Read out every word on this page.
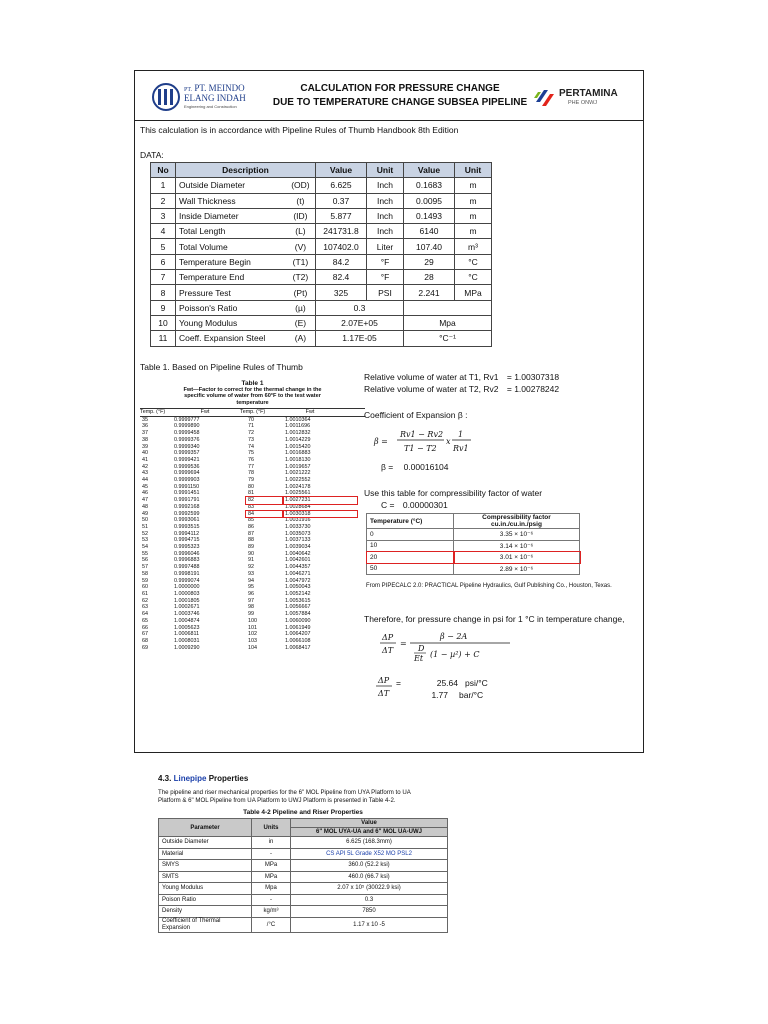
PT. PT. MEINDO
ELANG INDAH
Engineering and Construction
CALCULATION FOR PRESSURE CHANGE
DUE TO TEMPERATURE CHANGE SUBSEA PIPELINE
PERTAMINA
PHE ONWJ
This calculation is in accordance with Pipeline Rules of Thumb Handbook 8th Edition
DATA:
No	Description		Value	Unit	Value	Unit
1	Outside Diameter	(OD)	6.625	Inch	0.1683	m
2	Wall Thickness	(t)	0.37	Inch	0.0095	m
3	Inside Diameter	(ID)	5.877	Inch	0.1493	m
4	Total Length	(L)	241731.8	Inch	6140	m
5	Total Volume	(V)	107402.0	Liter	107.40	m³
6	Temperature Begin	(T1)	84.2	°F	29	°C
7	Temperature End	(T2)	82.4	°F	28	°C
8	Pressure Test	(Pt)	325	PSI	2.241	MPa
9	Poisson's Ratio	(µ)	0.3			
10	Young Modulus	(E)	2.07E+05		Mpa	
11	Coeff. Expansion Steel	(A)	1.17E-05		°C⁻¹	
Table 1. Based on Pipeline Rules of Thumb
Table 1
Fwt—Factor to correct for the thermal change in the
specific volume of water from 60°F to the test water
temperature
Temp. (°F)	Fwt	Temp. (°F)	Fwt
35	0.9999777	70	1.0010364
36	0.9999890	71	1.0011696
37	0.9999458	72	1.0012832
38	0.9999376	73	1.0014229
39	0.9999340	74	1.0015420
40	0.9999357	75	1.0016883
41	0.9999421	76	1.0018130
42	0.9999536	77	1.0019657
43	0.9999694	78	1.0021222
44	0.9999903	79	1.0022552
45	0.9991150	80	1.0024178
46	0.9991451	81	1.0025561
47	0.9991791	82	1.0027231
48	0.9992168	83	1.0028684
49	0.9992599	84	1.0030318
50	0.9993061	85	1.0031916
51	0.9993515	86	1.0033730
52	0.9994112	87	1.0035073
53	0.9994715	88	1.0037133
54	0.9995323	89	1.0039034
55	0.9996046	90	1.0040642
56	0.9996883	91	1.0042601
57	0.9997488	92	1.0044357
58	0.9998191	93	1.0046271
59	0.9999074	94	1.0047972
60	1.0000000	95	1.0050043
61	1.0000803	96	1.0052142
62	1.0001805	97	1.0053615
63	1.0002671	98	1.0056667
64	1.0003746	99	1.0057884
65	1.0004874	100	1.0060090
66	1.0005623	101	1.0061949
67	1.0006811	102	1.0064207
68	1.0008031	103	1.0066108
69	1.0009290	104	1.0068417
Relative volume of water at T1, Rv1 = 1.00307318
Relative volume of water at T2, Rv2 = 1.00278242
Coefficient of Expansion β :
β =
Rv1 − Rv2
T1 − T2
x
1
Rv1
β = 0.00016104
Use this table for compressibility factor of water
C = 0.00000301
Temperature (°C)	Compressibility factor cu.in./cu.in./psig
0	3.35 × 10⁻⁶
10	3.14 × 10⁻⁶
20	3.01 × 10⁻⁶
50	2.89 × 10⁻⁶
From PIPECALC 2.0: PRACTICAL Pipeline Hydraulics, Gulf Publishing Co., Houston, Texas.
Therefore, for pressure change in psi for 1 °C in temperature change,
ΔP
ΔT
=
β − 2A
D
Et (1 − µ²) + C
ΔP
ΔT
=	25.64 psi/°C
1.77 bar/°C
4.3. Linepipe Properties
The pipeline and riser mechanical properties for the 6" MOL Pipeline from UYA Platform to UA
Platform & 6" MOL Pipeline from UA Platform to UWJ Platform is presented in Table 4-2.
Table 4-2 Pipeline and Riser Properties
Parameter	Units	Value
		6" MOL UYA-UA and 6" MOL UA-UWJ
Outside Diameter	in	6.625 (168.3mm)
Material	-	CS API 5L Grade X52 MO PSL2
SMYS	MPa	360.0 (52.2 ksi)
SMTS	MPa	460.0 (66.7 ksi)
Young Modulus	Mpa	2.07 x 10⁵ (30022.9 ksi)
Poison Ratio	-	0.3
Density	kg/m³	7850
Coefficient of Thermal Expansion	/°C	1.17 x 10 -5
